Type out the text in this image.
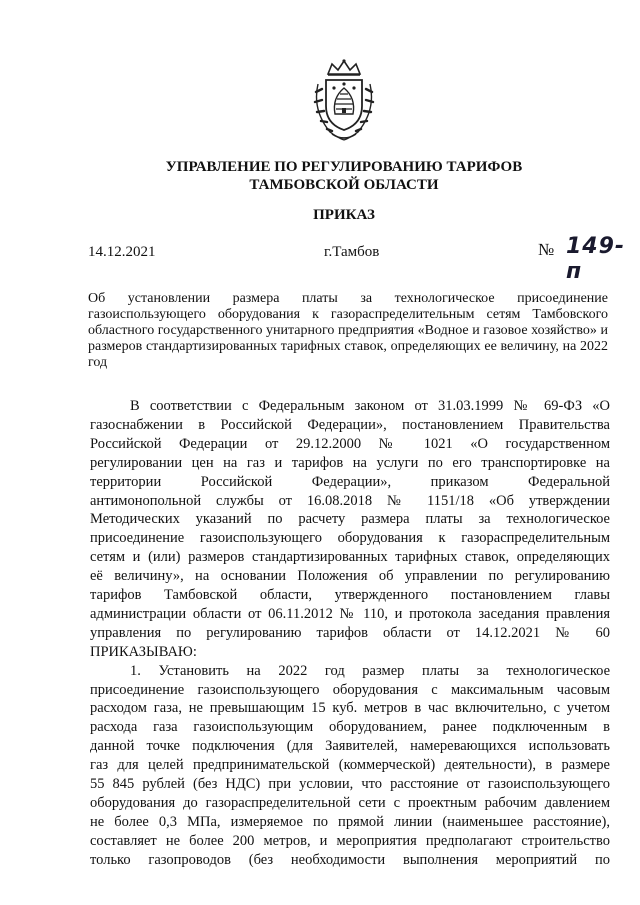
УПРАВЛЕНИЕ ПО РЕГУЛИРОВАНИЮ ТАРИФОВ
ТАМБОВСКОЙ ОБЛАСТИ
ПРИКАЗ
14.12.2021	г.Тамбов	№ 149-п
Об установлении размера платы за технологическое присоединение газоиспользующего оборудования к газораспределительным сетям Тамбовского областного государственного унитарного предприятия «Водное и газовое хозяйство» и размеров стандартизированных тарифных ставок, определяющих ее величину, на 2022 год
В соответствии с Федеральным законом от 31.03.1999 № 69-ФЗ «О
газоснабжении в Российской Федерации», постановлением Правительства
Российской Федерации от 29.12.2000 № 1021 «О государственном
регулировании цен на газ и тарифов на услуги по его транспортировке на
территории Российской Федерации», приказом Федеральной
антимонопольной службы от 16.08.2018 № 1151/18 «Об утверждении
Методических указаний по расчету размера платы за технологическое
присоединение газоиспользующего оборудования к газораспределительным
сетям и (или) размеров стандартизированных тарифных ставок, определяющих
её величину», на основании Положения об управлении по регулированию
тарифов Тамбовской области, утвержденного постановлением главы
администрации области от 06.11.2012 № 110, и протокола заседания правления
управления по регулированию тарифов области от 14.12.2021 № 60
ПРИКАЗЫВАЮ:
1. Установить на 2022 год размер платы за технологическое
присоединение газоиспользующего оборудования с максимальным часовым
расходом газа, не превышающим 15 куб. метров в час включительно, с учетом
расхода газа газоиспользующим оборудованием, ранее подключенным в
данной точке подключения (для Заявителей, намеревающихся использовать
газ для целей предпринимательской (коммерческой) деятельности), в размере
55 845 рублей (без НДС) при условии, что расстояние от газоиспользующего
оборудования до газораспределительной сети с проектным рабочим давлением
не более 0,3 МПа, измеряемое по прямой линии (наименьшее расстояние),
составляет не более 200 метров, и мероприятия предполагают строительство
только газопроводов (без необходимости выполнения мероприятий по
